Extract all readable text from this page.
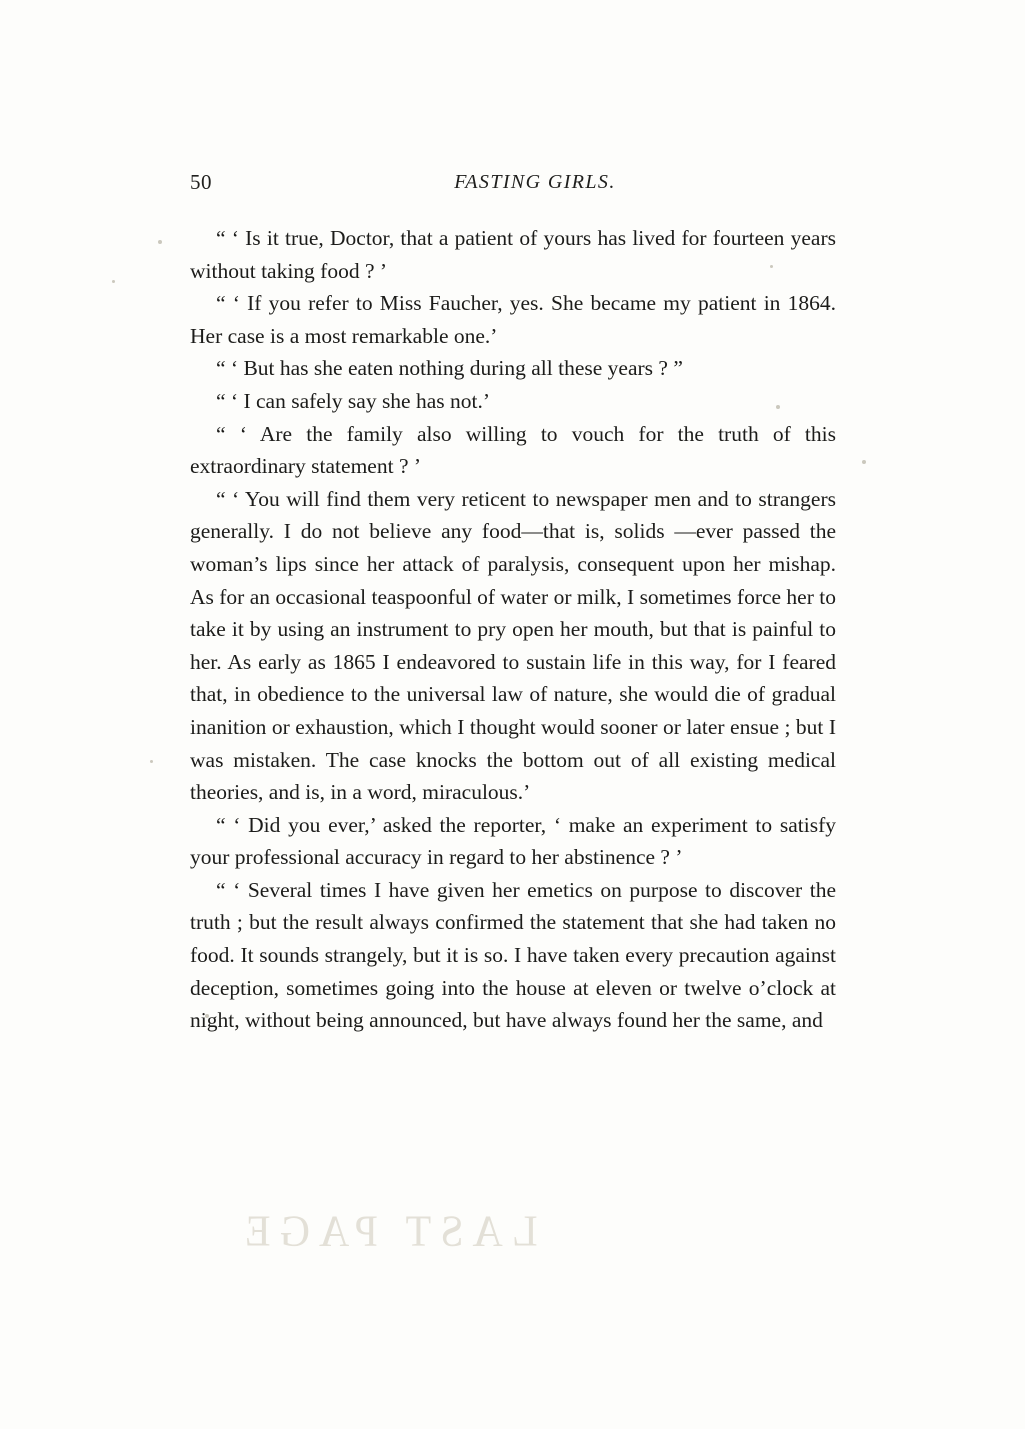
50	FASTING GIRLS.

“ ‘ Is it true, Doctor, that a patient of yours has lived for fourteen years without taking food ? ’

“ ‘ If you refer to Miss Faucher, yes. She became my patient in 1864. Her case is a most remarkable one.’

“ ‘ But has she eaten nothing during all these years ? ”

“ ‘ I can safely say she has not.’

“ ‘ Are the family also willing to vouch for the truth of this extraordinary statement ? ’

“ ‘ You will find them very reticent to newspaper men and to strangers generally. I do not believe any food—that is, solids —ever passed the woman’s lips since her attack of paralysis, consequent upon her mishap. As for an occasional teaspoonful of water or milk, I sometimes force her to take it by using an instrument to pry open her mouth, but that is painful to her. As early as 1865 I endeavored to sustain life in this way, for I feared that, in obedience to the universal law of nature, she would die of gradual inanition or exhaustion, which I thought would sooner or later ensue ; but I was mistaken. The case knocks the bottom out of all existing medical theories, and is, in a word, miraculous.’

“ ‘ Did you ever,’ asked the reporter, ‘ make an experiment to satisfy your professional accuracy in regard to her abstinence ? ’

“ ‘ Several times I have given her emetics on purpose to discover the truth ; but the result always confirmed the statement that she had taken no food. It sounds strangely, but it is so. I have taken every precaution against deception, sometimes going into the house at eleven or twelve o’clock at night, without being announced, but have always found her the same, and

LAST PAGE
